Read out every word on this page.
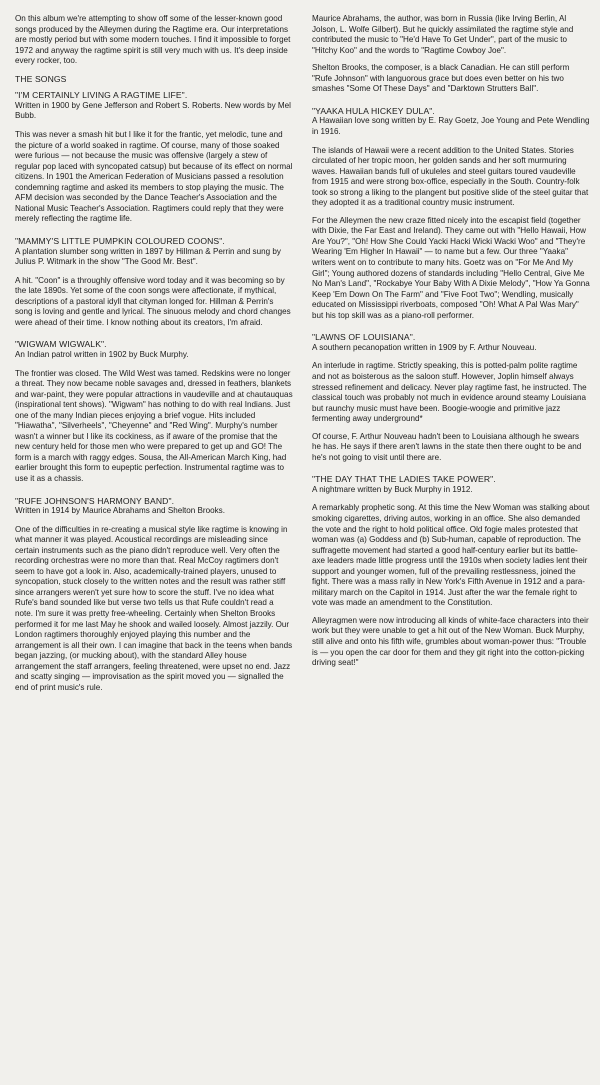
On this album we're attempting to show off some of the lesser-known good songs produced by the Alleymen during the Ragtime era. Our interpretations are mostly period but with some modern touches. I find it impossible to forget 1972 and anyway the ragtime spirit is still very much with us. It's deep inside every rocker, too.

THE SONGS

"I'M CERTAINLY LIVING A RAGTIME LIFE".

Written in 1900 by Gene Jefferson and Robert S. Roberts. New words by Mel Bubb.

This was never a smash hit but I like it for the frantic, yet melodic, tune and the picture of a world soaked in ragtime. Of course, many of those soaked were furious — not because the music was offensive (largely a stew of regular pop laced with syncopated catsup) but because of its effect on normal citizens. In 1901 the American Federation of Musicians passed a resolution condemning ragtime and asked its members to stop playing the music. The AFM decision was seconded by the Dance Teacher's Association and the National Music Teacher's Association. Ragtimers could reply that they were merely reflecting the ragtime life.

"MAMMY'S LITTLE PUMPKIN COLOURED COONS".

A plantation slumber song written in 1897 by Hillman & Perrin and sung by Julius P. Witmark in the show "The Good Mr. Best".

A hit. "Coon" is a throughly offensive word today and it was becoming so by the late 1890s. Yet some of the coon songs were affectionate, if mythical, descriptions of a pastoral idyll that cityman longed for. Hillman & Perrin's song is loving and gentle and lyrical. The sinuous melody and chord changes were ahead of their time. I know nothing about its creators, I'm afraid.

"WIGWAM WIGWALK".

An Indian patrol written in 1902 by Buck Murphy.

The frontier was closed. The Wild West was tamed. Redskins were no longer a threat. They now became noble savages and, dressed in feathers, blankets and war-paint, they were popular attractions in vaudeville and at chautauquas (inspirational tent shows). "Wigwam" has nothing to do with real Indians. Just one of the many Indian pieces enjoying a brief vogue. Hits included "Hiawatha", "Silverheels", "Cheyenne" and "Red Wing". Murphy's number wasn't a winner but I like its cockiness, as if aware of the promise that the new century held for those men who were prepared to get up and GO! The form is a march with raggy edges. Sousa, the All-American March King, had earlier brought this form to eupeptic perfection. Instrumental ragtime was to use it as a chassis.

"RUFE JOHNSON'S HARMONY BAND".

Written in 1914 by Maurice Abrahams and Shelton Brooks.

One of the difficulties in re-creating a musical style like ragtime is knowing in what manner it was played. Acoustical recordings are misleading since certain instruments such as the piano didn't reproduce well. Very often the recording orchestras were no more than that. Real McCoy ragtimers don't seem to have got a look in. Also, academically-trained players, unused to syncopation, stuck closely to the written notes and the result was rather stiff since arrangers weren't yet sure how to score the stuff. I've no idea what Rufe's band sounded like but verse two tells us that Rufe couldn't read a note. I'm sure it was pretty free-wheeling. Certainly when Shelton Brooks performed it for me last May he shook and wailed loosely. Almost jazzily. Our London ragtimers thoroughly enjoyed playing this number and the arrangement is all their own. I can imagine that back in the teens when bands began jazzing, (or mucking about), with the standard Alley house arrangement the staff arrangers, feeling threatened, were upset no end. Jazz and scatty singing — improvisation as the spirit moved you — signalled the end of print music's rule.

Maurice Abrahams, the author, was born in Russia (like Irving Berlin, Al Jolson, L. Wolfe Gilbert). But he quickly assimilated the ragtime style and contributed the music to "He'd Have To Get Under", part of the music to "Hitchy Koo" and the words to "Ragtime Cowboy Joe".

Shelton Brooks, the composer, is a black Canadian. He can still perform "Rufe Johnson" with languorous grace but does even better on his two smashes "Some Of These Days" and "Darktown Strutters Ball".

"YAAKA HULA HICKEY DULA".

A Hawaiian love song written by E. Ray Goetz, Joe Young and Pete Wendling in 1916.

The islands of Hawaii were a recent addition to the United States. Stories circulated of her tropic moon, her golden sands and her soft murmuring waves. Hawaiian bands full of ukuleles and steel guitars toured vaudeville from 1915 and were strong box-office, especially in the South. Country-folk took so strong a liking to the plangent but positive slide of the steel guitar that they adopted it as a traditional country music instrument.

For the Alleymen the new craze fitted nicely into the escapist field (together with Dixie, the Far East and Ireland). They came out with "Hello Hawaii, How Are You?", "Oh! How She Could Yacki Hacki Wicki Wacki Woo" and "They're Wearing 'Em Higher In Hawaii" — to name but a few. Our three "Yaaka" writers went on to contribute to many hits. Goetz was on "For Me And My Girl"; Young authored dozens of standards including "Hello Central, Give Me No Man's Land", "Rockabye Your Baby With A Dixie Melody", "How Ya Gonna Keep 'Em Down On The Farm" and "Five Foot Two"; Wendling, musically educated on Mississippi riverboats, composed "Oh! What A Pal Was Mary" but his top skill was as a piano-roll performer.

"LAWNS OF LOUISIANA".

A southern pecanopation written in 1909 by F. Arthur Nouveau.

An interlude in ragtime. Strictly speaking, this is potted-palm polite ragtime and not as boisterous as the saloon stuff. However, Joplin himself always stressed refinement and delicacy. Never play ragtime fast, he instructed. The classical touch was probably not much in evidence around steamy Louisiana but raunchy music must have been. Boogie-woogie and primitive jazz fermenting away underground*

Of course, F. Arthur Nouveau hadn't been to Louisiana although he swears he has. He says if there aren't lawns in the state then there ought to be and he's not going to visit until there are.

"THE DAY THAT THE LADIES TAKE POWER".

A nightmare written by Buck Murphy in 1912.

A remarkably prophetic song. At this time the New Woman was stalking about smoking cigarettes, driving autos, working in an office. She also demanded the vote and the right to hold political office. Old fogie males protested that woman was (a) Goddess and (b) Sub-human, capable of reproduction. The suffragette movement had started a good half-century earlier but its battle-axe leaders made little progress until the 1910s when society ladies lent their support and younger women, full of the prevailing restlessness, joined the fight. There was a mass rally in New York's Fifth Avenue in 1912 and a para-military march on the Capitol in 1914. Just after the war the female right to vote was made an amendment to the Constitution.

Alleyragmen were now introducing all kinds of white-face characters into their work but they were unable to get a hit out of the New Woman. Buck Murphy, still alive and onto his fifth wife, grumbles about woman-power thus: "Trouble is — you open the car door for them and they git right into the cotton-picking driving seat!"
